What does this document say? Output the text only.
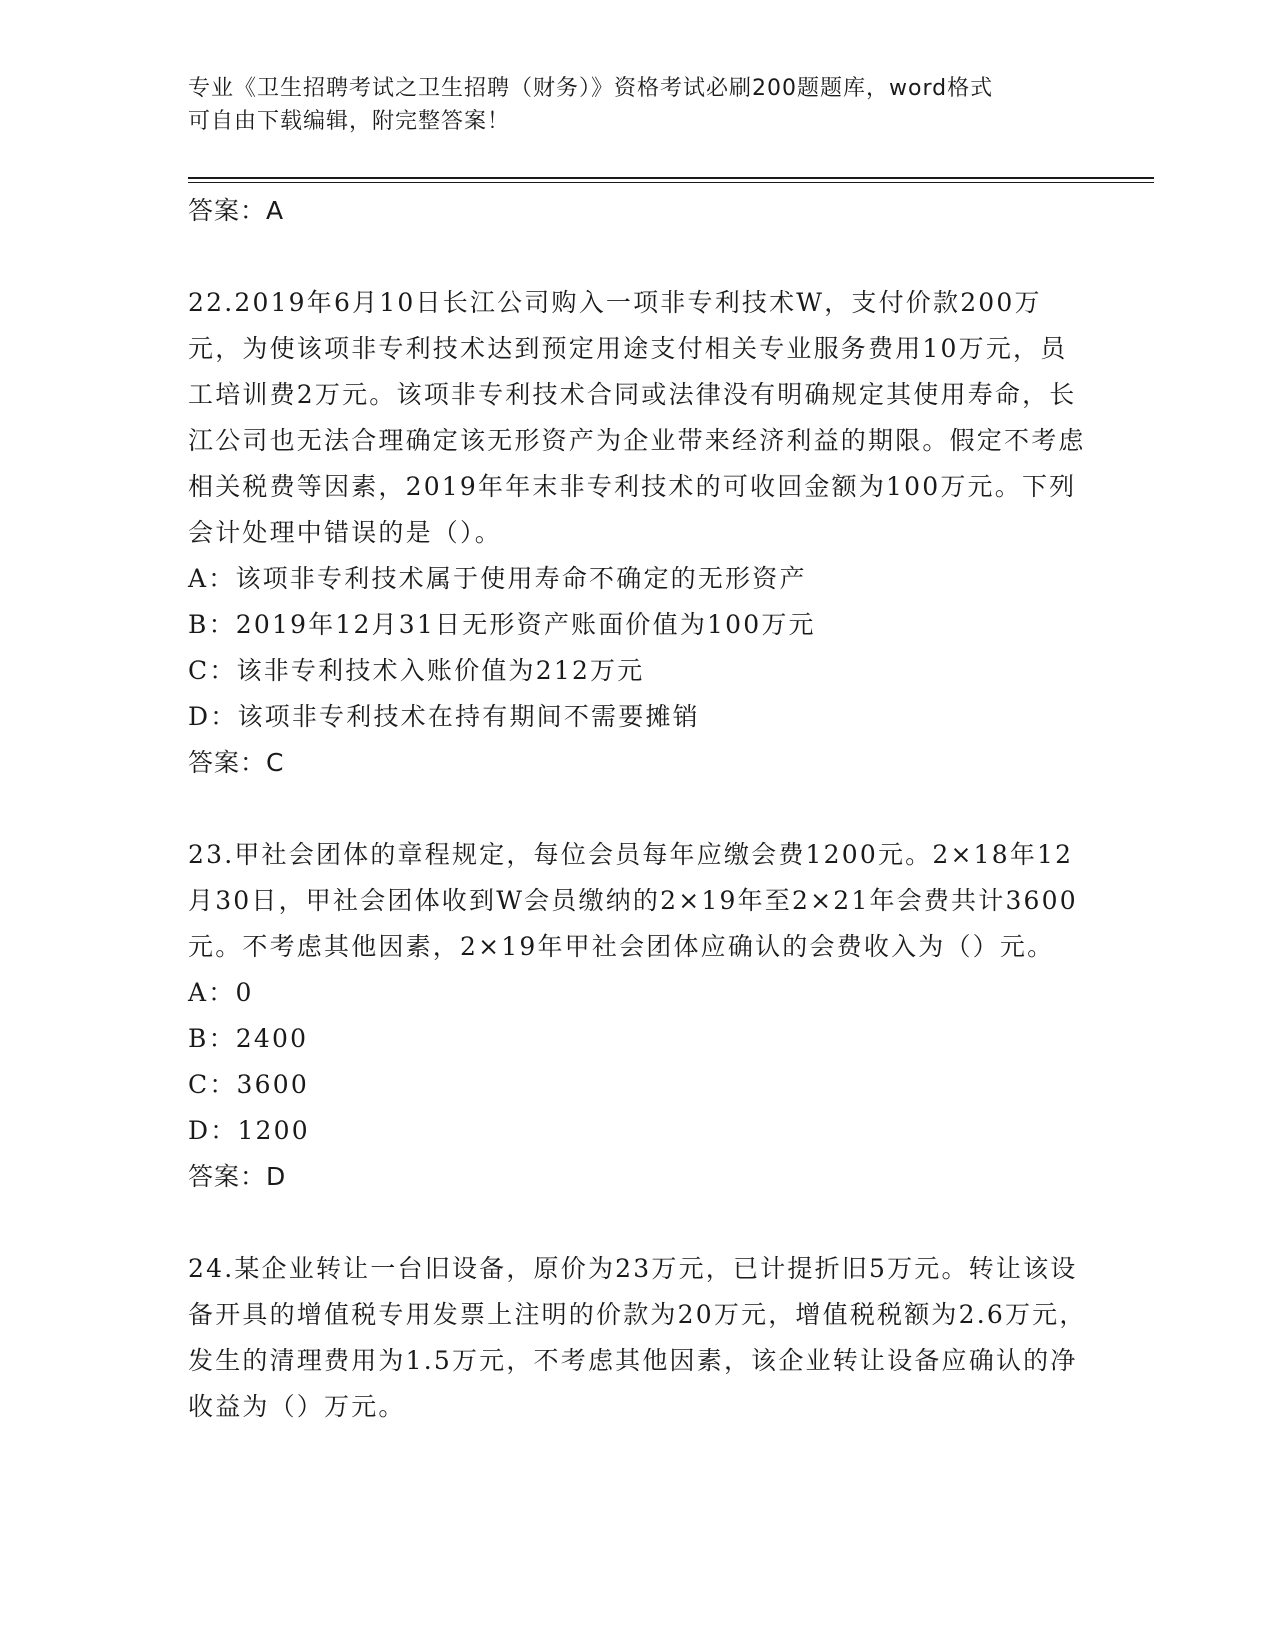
专业《卫生招聘考试之卫生招聘（财务）》资格考试必刷200题题库，word格式
可自由下载编辑，附完整答案！
答案：A
22.2019年6月10日长江公司购入一项非专利技术W，支付价款200万元，为使该项非专利技术达到预定用途支付相关专业服务费用10万元，员工培训费2万元。该项非专利技术合同或法律没有明确规定其使用寿命，长江公司也无法合理确定该无形资产为企业带来经济利益的期限。假定不考虑相关税费等因素，2019年年末非专利技术的可收回金额为100万元。下列会计处理中错误的是（）。
A：该项非专利技术属于使用寿命不确定的无形资产
B：2019年12月31日无形资产账面价值为100万元
C：该非专利技术入账价值为212万元
D：该项非专利技术在持有期间不需要摊销
答案：C
23.甲社会团体的章程规定，每位会员每年应缴会费1200元。2×18年12月30日，甲社会团体收到W会员缴纳的2×19年至2×21年会费共计3600元。不考虑其他因素，2×19年甲社会团体应确认的会费收入为（）元。
A：0
B：2400
C：3600
D：1200
答案：D
24.某企业转让一台旧设备，原价为23万元，已计提折旧5万元。转让该设备开具的增值税专用发票上注明的价款为20万元，增值税税额为2.6万元，发生的清理费用为1.5万元，不考虑其他因素，该企业转让设备应确认的净收益为（）万元。
